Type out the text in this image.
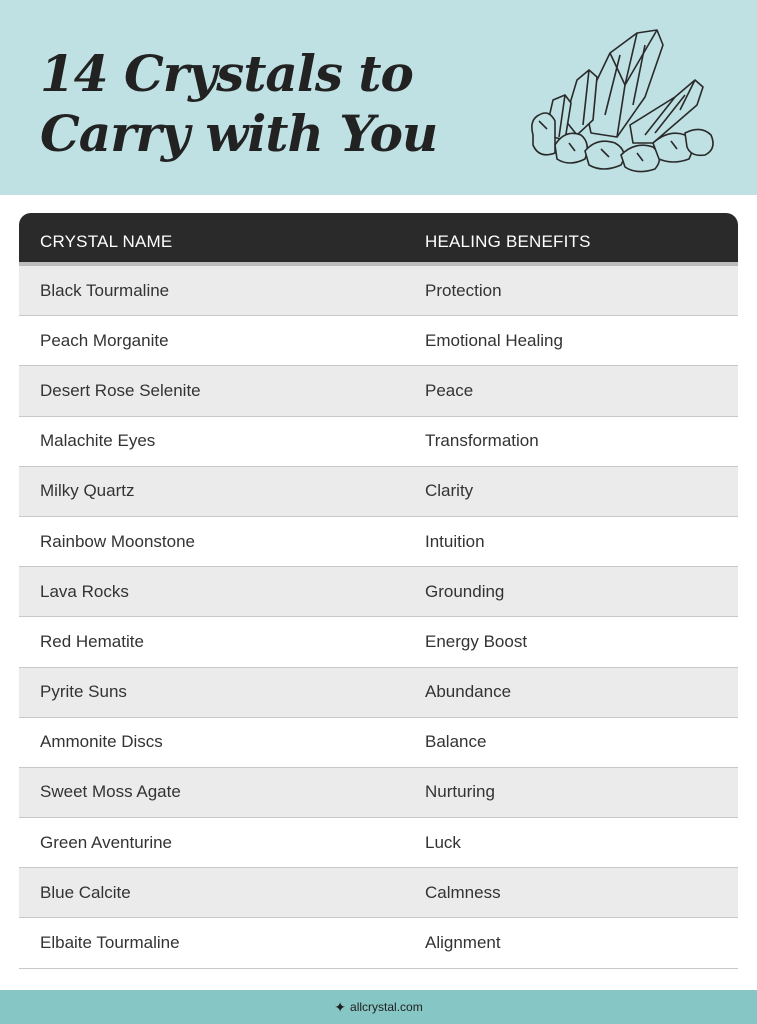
14 Crystals to Carry with You
CRYSTAL NAME	HEALING BENEFITS
Black Tourmaline	Protection
Peach Morganite	Emotional Healing
Desert Rose Selenite	Peace
Malachite Eyes	Transformation
Milky Quartz	Clarity
Rainbow Moonstone	Intuition
Lava Rocks	Grounding
Red Hematite	Energy Boost
Pyrite Suns	Abundance
Ammonite Discs	Balance
Sweet Moss Agate	Nurturing
Green Aventurine	Luck
Blue Calcite	Calmness
Elbaite Tourmaline	Alignment
✦ allcrystal.com
